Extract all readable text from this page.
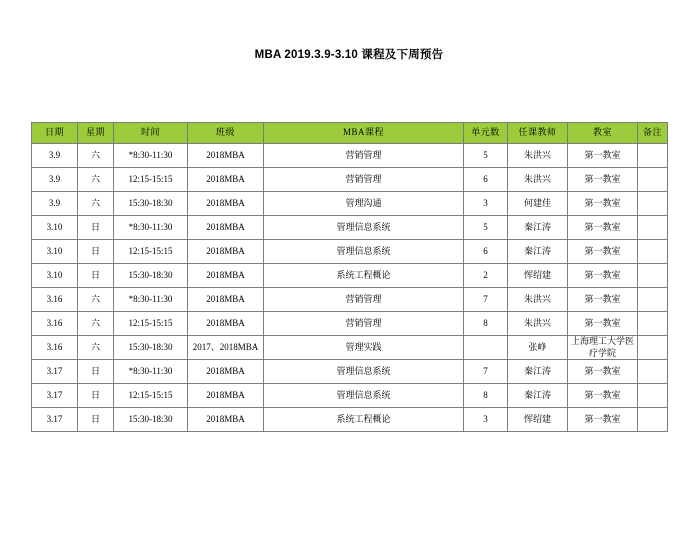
MBA 2019.3.9-3.10 课程及下周预告
日期	星期	时间	班级	MBA课程	单元数	任课教师	教室	备注
3.9	六	*8:30-11:30	2018MBA	营销管理	5	朱洪兴	第一教室	
3.9	六	12:15-15:15	2018MBA	营销管理	6	朱洪兴	第一教室	
3.9	六	15:30-18:30	2018MBA	管理沟通	3	何建佳	第一教室	
3.10	日	*8:30-11:30	2018MBA	管理信息系统	5	秦江涛	第一教室	
3.10	日	12:15-15:15	2018MBA	管理信息系统	6	秦江涛	第一教室	
3.10	日	15:30-18:30	2018MBA	系统工程概论	2	恽绍建	第一教室	
3.16	六	*8:30-11:30	2018MBA	营销管理	7	朱洪兴	第一教室	
3.16	六	12:15-15:15	2018MBA	营销管理	8	朱洪兴	第一教室	
3.16	六	15:30-18:30	2017、2018MBA	管理实践		张峥	上海理工大学医疗学院	
3.17	日	*8:30-11:30	2018MBA	管理信息系统	7	秦江涛	第一教室	
3.17	日	12:15-15:15	2018MBA	管理信息系统	8	秦江涛	第一教室	
3.17	日	15:30-18:30	2018MBA	系统工程概论	3	恽绍建	第一教室	
